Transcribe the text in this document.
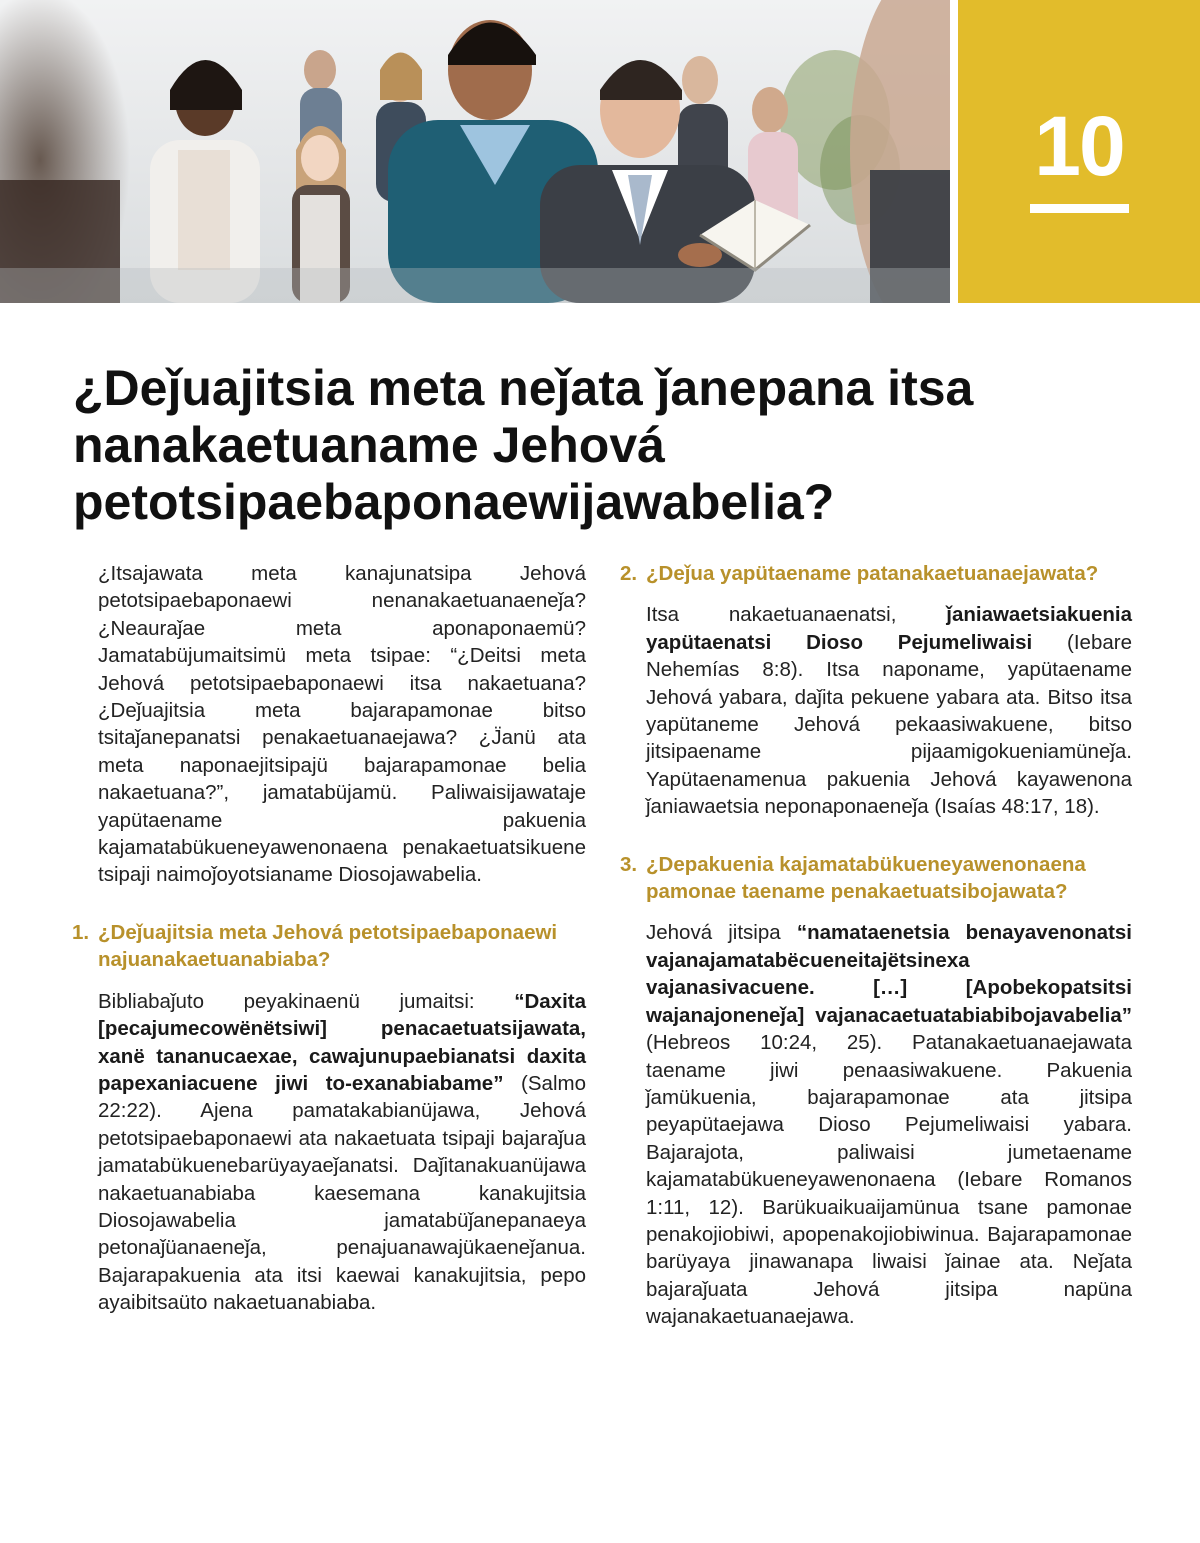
10
¿Deǰuajitsia meta neǰata ǰanepana itsa nanakaetuaname Jehová petotsipaebaponaewijawabelia?

¿Itsajawata meta kanajunatsipa Jehová petotsipaebaponaewi nenanakaetuanaeneǰa? ¿Neauraǰae meta aponaponaemü? Jamatabüjumaitsimü meta tsipae: “¿Deitsi meta Jehová petotsipaebaponaewi itsa nakaetuana? ¿Deǰuajitsia meta bajarapamonae bitso tsitaǰanepanatsi penakaetuanaejawa? ¿J̈anü ata meta naponaejitsipajü bajarapamonae belia nakaetuana?”, jamatabüjamü. Paliwaisijawataje yapütaename pakuenia kajamatabükueneyawenonaena penakaetuatsikuene tsipaji naimoǰoyotsianame Diosojawabelia.

1. ¿Deǰuajitsia meta Jehová petotsipaebaponaewi najuanakaetuanabiaba?

Bibliabaǰuto peyakinaenü jumaitsi: “Daxita [pecajumecowënëtsiwi] penacaetuatsijawata, xanë tananucaexae, cawajunupaebianatsi daxita papexaniacuene jiwi to-exanabiabame” (Salmo 22:22). Ajena pamatakabianüjawa, Jehová petotsipaebaponaewi ata nakaetuata tsipaji bajaraǰua jamatabükuenebarüyayaeǰanatsi. Daǰitanakuanüjawa nakaetuanabiaba kaesemana kanakujitsia Diosojawabelia jamatabüǰanepanaeya petonaǰüanaeneǰa, penajuanawajükaeneǰanua. Bajarapakuenia ata itsi kaewai kanakujitsia, pepo ayaibitsaüto nakaetuanabiaba.

2. ¿Deǰua yapütaename patanakaetuanaejawata?

Itsa nakaetuanaenatsi, ǰaniawaetsiakuenia yapütaenatsi Dioso Pejumeliwaisi (Iebare Nehemías 8:8). Itsa naponame, yapütaename Jehová yabara, daǰita pekuene yabara ata. Bitso itsa yapütaneme Jehová pekaasiwakuene, bitso jitsipaename pijaamigokueniamüneǰa. Yapütaenamenua pakuenia Jehová kayawenona ǰaniawaetsia neponaponaeneǰa (Isaías 48:17, 18).

3. ¿Depakuenia kajamatabükueneyawenonaena pamonae taename penakaetuatsibojawata?

Jehová jitsipa “namataenetsia benayavenonatsi vajanajamatabëcueneitajëtsinexa vajanasivacuene. […] [Apobekopatsitsi wajanajoneneǰa] vajanacaetuatabiabibojavabelia” (Hebreos 10:24, 25). Patanakaetuanaejawata taename jiwi penaasiwakuene. Pakuenia ǰamükuenia, bajarapamonae ata jitsipa peyapütaejawa Dioso Pejumeliwaisi yabara. Bajarajota, paliwaisi jumetaename kajamatabükueneyawenonaena (Iebare Romanos 1:11, 12). Barükuaikuaijamünua tsane pamonae penakojiobiwi, apopenakojiobiwinua. Bajarapamonae barüyaya jinawanapa liwaisi ǰainae ata. Neǰata bajaraǰuata Jehová jitsipa napüna wajanakaetuanaejawa.
